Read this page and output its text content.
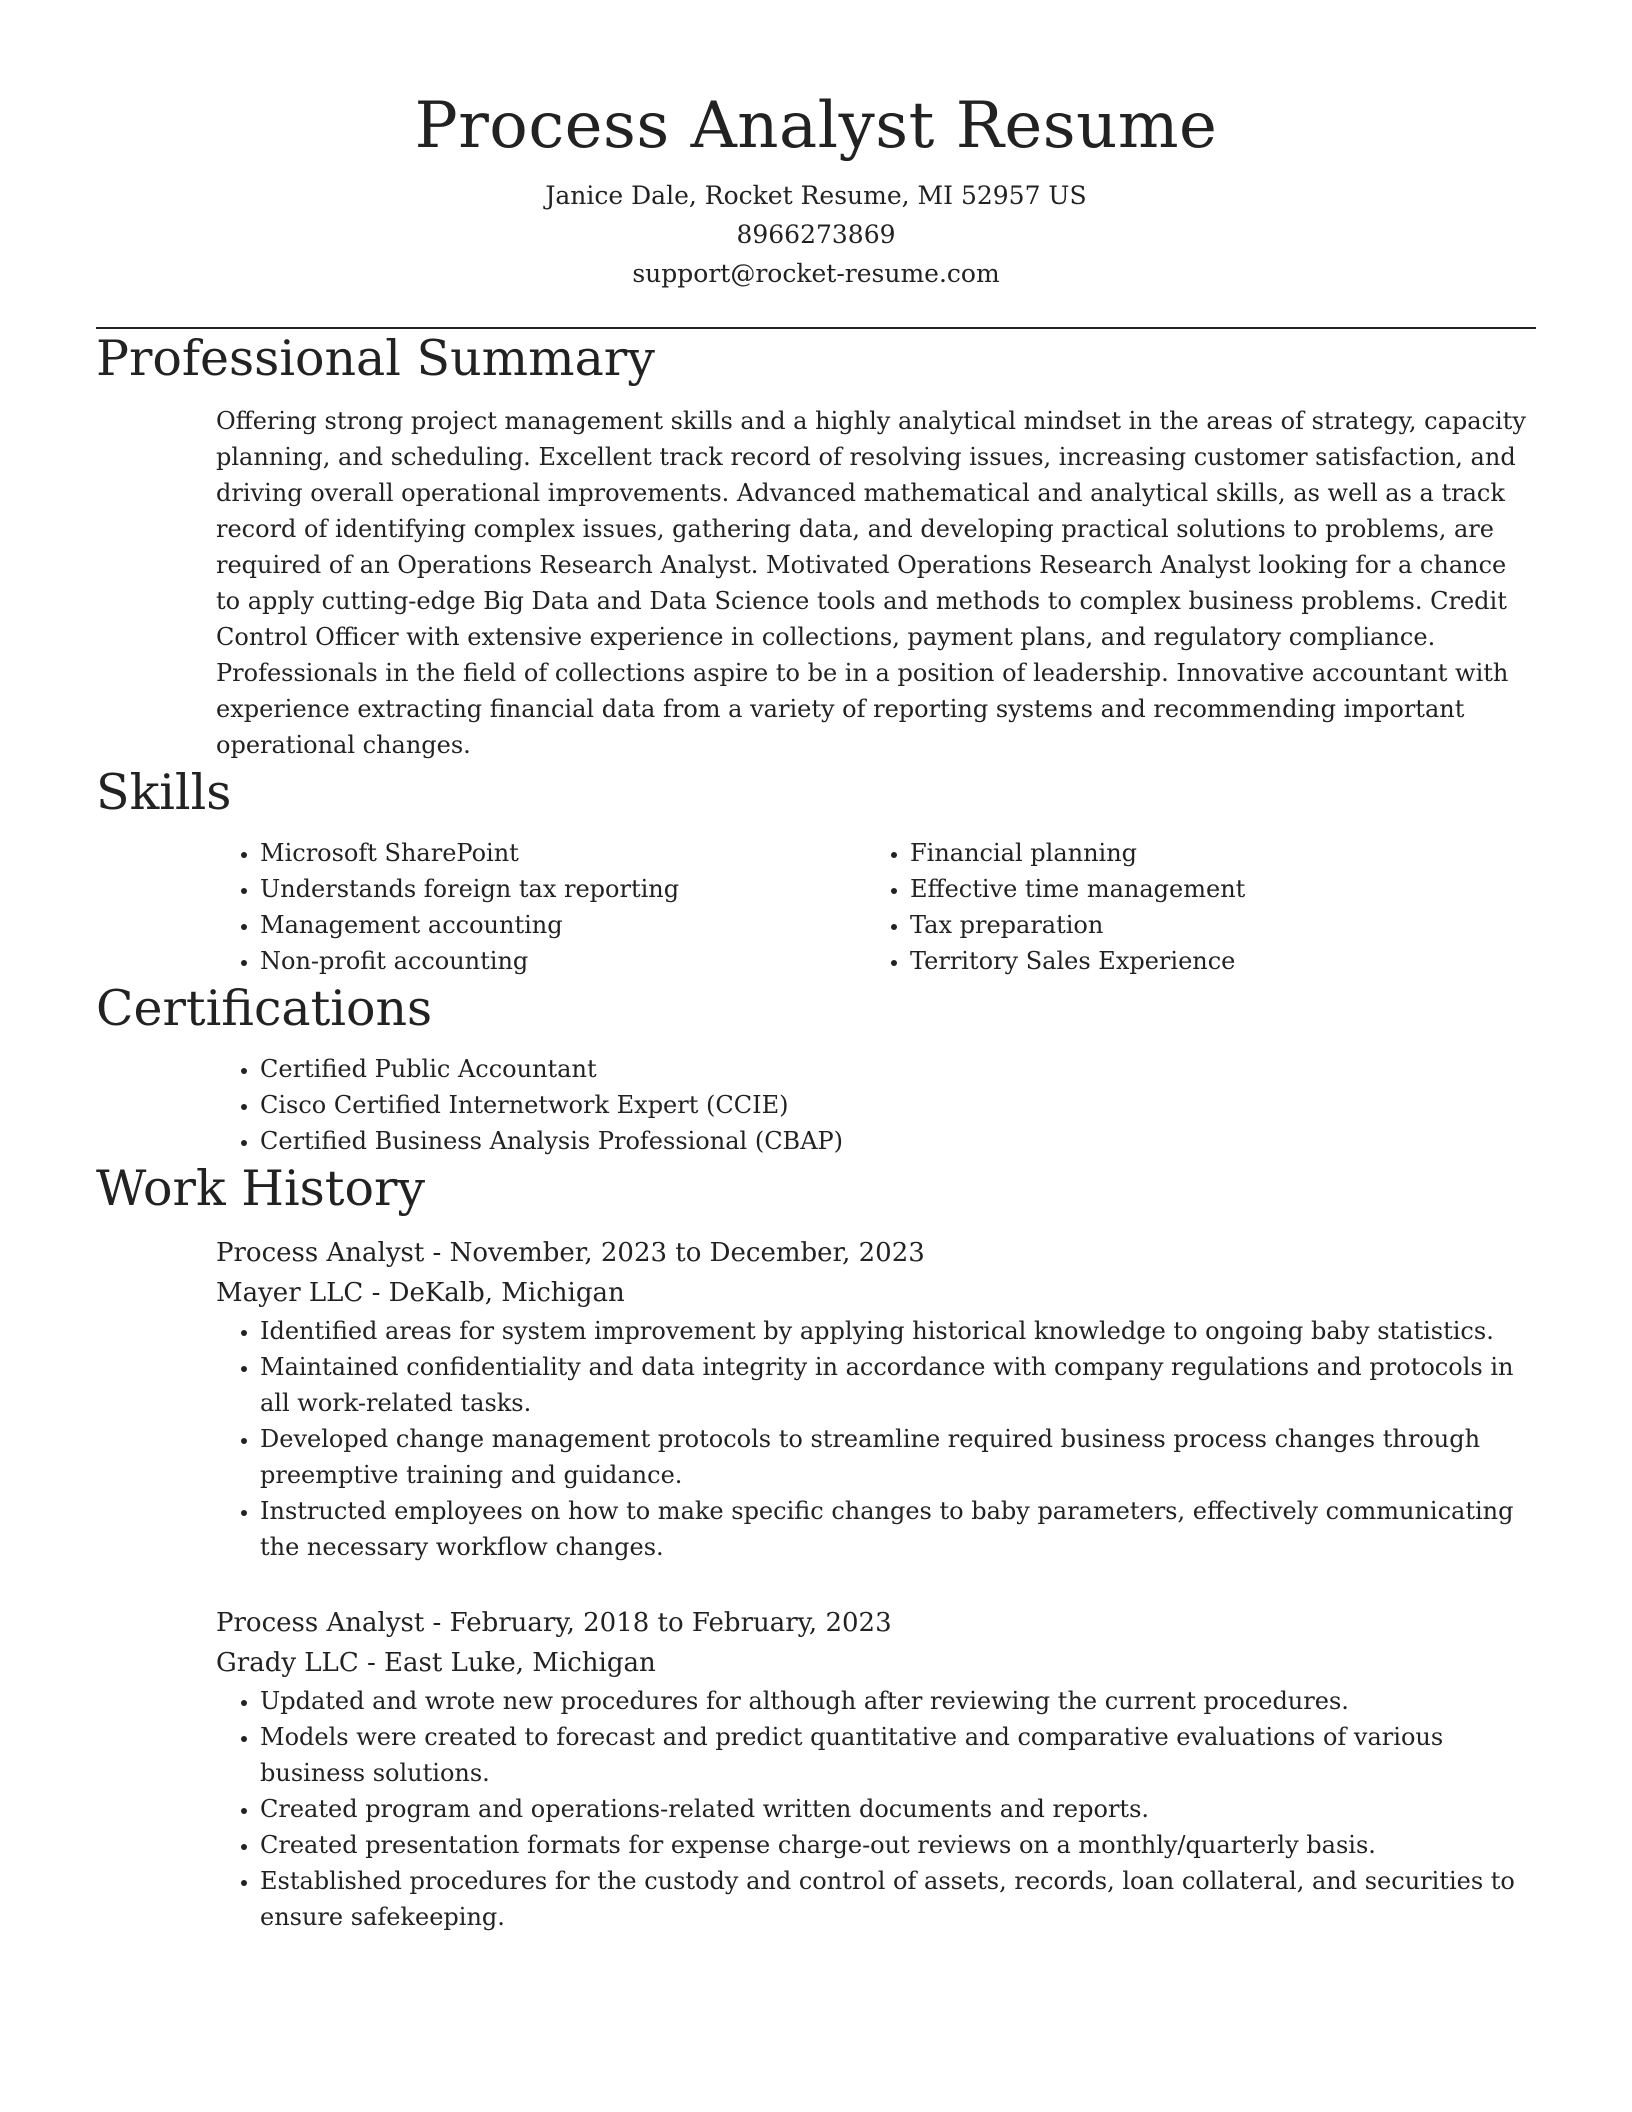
Process Analyst Resume

Janice Dale, Rocket Resume, MI 52957 US

8966273869

support@rocket-resume.com

Professional Summary

Offering strong project management skills and a highly analytical mindset in the areas of strategy, capacity planning, and scheduling. Excellent track record of resolving issues, increasing customer satisfaction, and driving overall operational improvements. Advanced mathematical and analytical skills, as well as a track record of identifying complex issues, gathering data, and developing practical solutions to problems, are required of an Operations Research Analyst. Motivated Operations Research Analyst looking for a chance to apply cutting-edge Big Data and Data Science tools and methods to complex business problems. Credit Control Officer with extensive experience in collections, payment plans, and regulatory compliance. Professionals in the field of collections aspire to be in a position of leadership. Innovative accountant with experience extracting financial data from a variety of reporting systems and recommending important operational changes.

Skills
• Microsoft SharePoint
• Understands foreign tax reporting
• Management accounting
• Non-profit accounting
• Financial planning
• Effective time management
• Tax preparation
• Territory Sales Experience
Certifications
• Certified Public Accountant
• Cisco Certified Internetwork Expert (CCIE)
• Certified Business Analysis Professional (CBAP)
Work History

Process Analyst - November, 2023 to December, 2023

Mayer LLC - DeKalb, Michigan

• Identified areas for system improvement by applying historical knowledge to ongoing baby statistics.
• Maintained confidentiality and data integrity in accordance with company regulations and protocols in all work-related tasks.
• Developed change management protocols to streamline required business process changes through preemptive training and guidance.
• Instructed employees on how to make specific changes to baby parameters, effectively communicating the necessary workflow changes.

Process Analyst - February, 2018 to February, 2023

Grady LLC - East Luke, Michigan

• Updated and wrote new procedures for although after reviewing the current procedures.
• Models were created to forecast and predict quantitative and comparative evaluations of various business solutions.
• Created program and operations-related written documents and reports.
• Created presentation formats for expense charge-out reviews on a monthly/quarterly basis.
• Established procedures for the custody and control of assets, records, loan collateral, and securities to ensure safekeeping.
